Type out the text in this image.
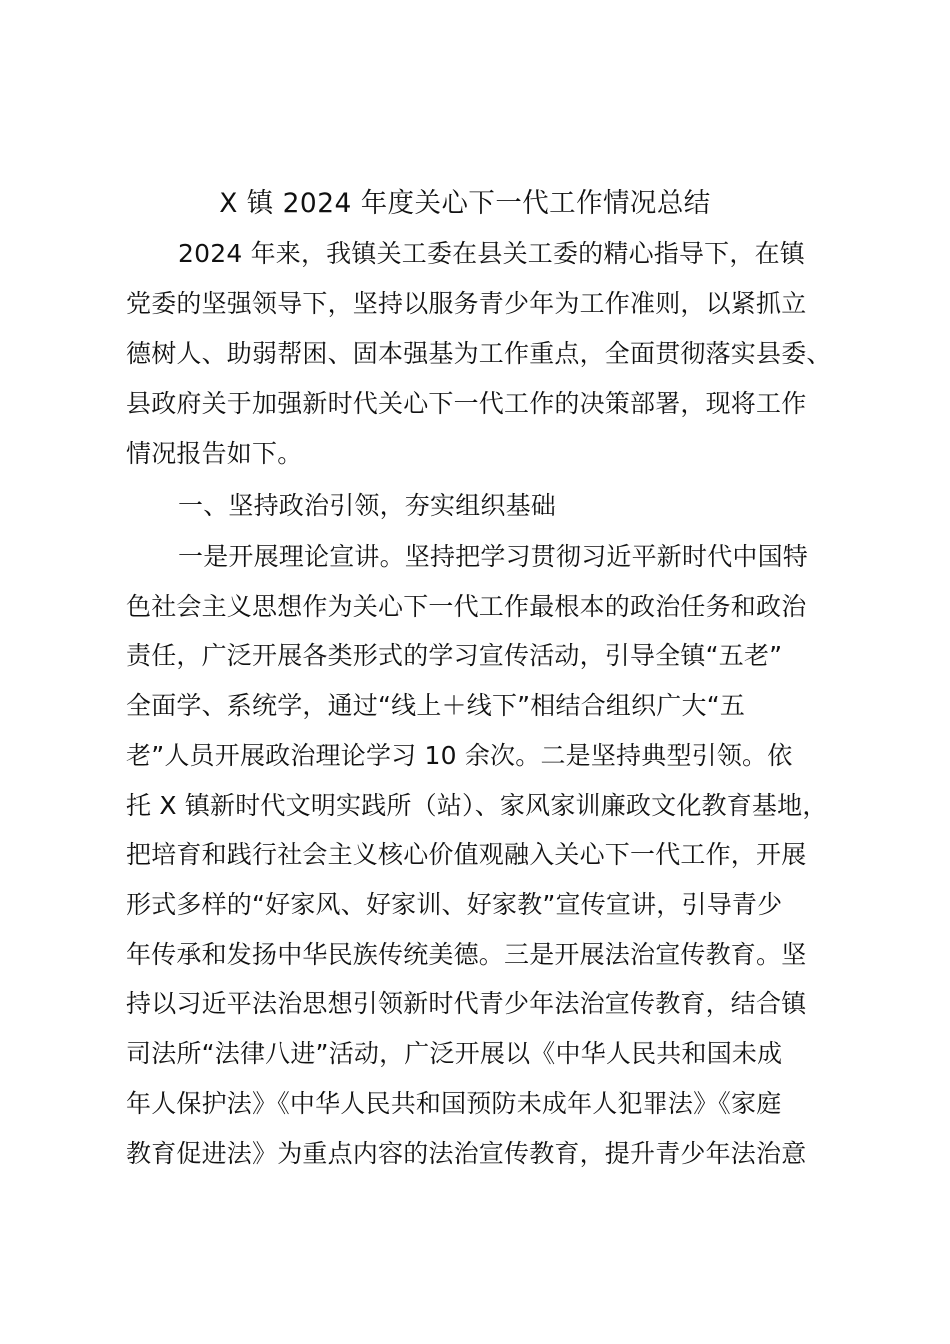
X 镇 2024 年度关心下一代工作情况总结
2024 年来，我镇关工委在县关工委的精心指导下，在镇
党委的坚强领导下，坚持以服务青少年为工作准则，以紧抓立
德树人、助弱帮困、固本强基为工作重点，全面贯彻落实县委、
县政府关于加强新时代关心下一代工作的决策部署，现将工作
情况报告如下。
一、坚持政治引领，夯实组织基础
一是开展理论宣讲。坚持把学习贯彻习近平新时代中国特
色社会主义思想作为关心下一代工作最根本的政治任务和政治
责任，广泛开展各类形式的学习宣传活动，引导全镇“五老”
全面学、系统学，通过“线上＋线下”相结合组织广大“五
老”人员开展政治理论学习 10 余次。二是坚持典型引领。依
托 X 镇新时代文明实践所（站）、家风家训廉政文化教育基地，
把培育和践行社会主义核心价值观融入关心下一代工作，开展
形式多样的“好家风、好家训、好家教”宣传宣讲，引导青少
年传承和发扬中华民族传统美德。三是开展法治宣传教育。坚
持以习近平法治思想引领新时代青少年法治宣传教育，结合镇
司法所“法律八进”活动，广泛开展以《中华人民共和国未成
年人保护法》《中华人民共和国预防未成年人犯罪法》《家庭
教育促进法》为重点内容的法治宣传教育，提升青少年法治意
